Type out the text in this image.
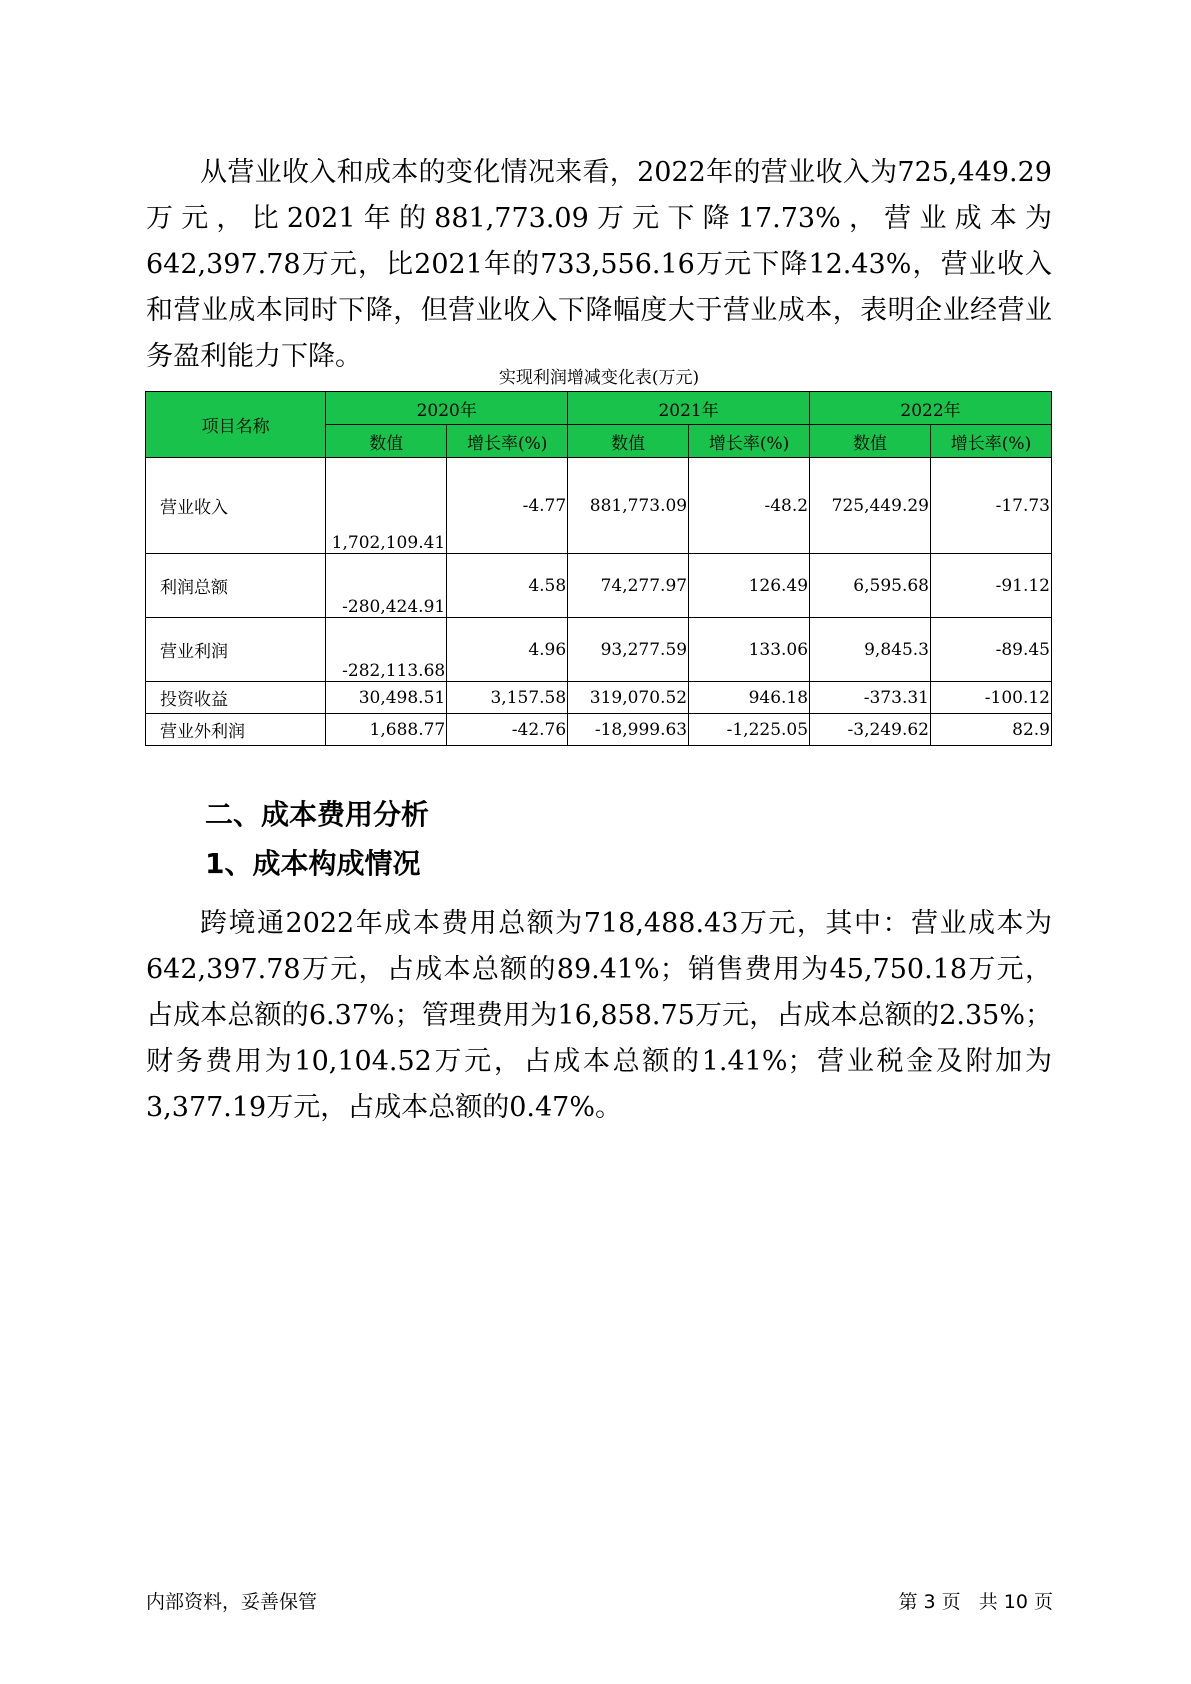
从营业收入和成本的变化情况来看，2022年的营业收入为725,449.29万元，比2021年的881,773.09万元下降17.73%，营业成本为642,397.78万元，比2021年的733,556.16万元下降12.43%，营业收入和营业成本同时下降，但营业收入下降幅度大于营业成本，表明企业经营业务盈利能力下降。

实现利润增减变化表(万元)

项目名称	2020年		2021年		2022年	
	数值	增长率(%)	数值	增长率(%)	数值	增长率(%)
营业收入	1,702,109.41	-4.77	881,773.09	-48.2	725,449.29	-17.73
利润总额	-280,424.91	4.58	74,277.97	126.49	6,595.68	-91.12
营业利润	-282,113.68	4.96	93,277.59	133.06	9,845.3	-89.45
投资收益	30,498.51	3,157.58	319,070.52	946.18	-373.31	-100.12
营业外利润	1,688.77	-42.76	-18,999.63	-1,225.05	-3,249.62	82.9

二、成本费用分析

1、成本构成情况

跨境通2022年成本费用总额为718,488.43万元，其中：营业成本为642,397.78万元，占成本总额的89.41%；销售费用为45,750.18万元，占成本总额的6.37%；管理费用为16,858.75万元，占成本总额的2.35%；财务费用为10,104.52万元，占成本总额的1.41%；营业税金及附加为3,377.19万元，占成本总额的0.47%。

内部资料，妥善保管	第 3 页   共 10 页
